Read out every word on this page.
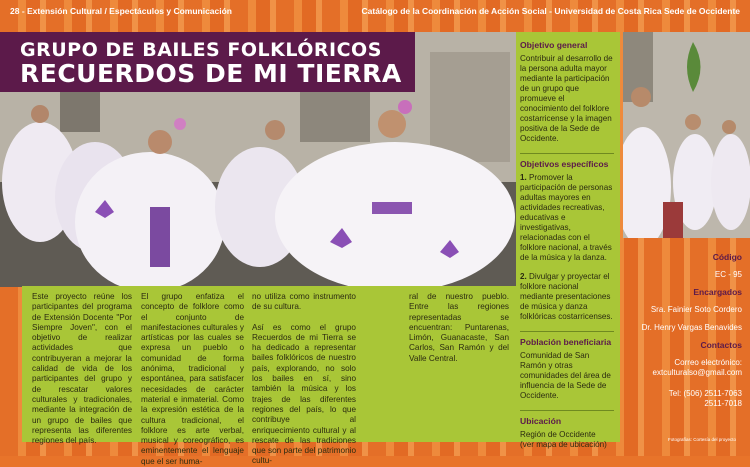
28 - Extensión Cultural / Espectáculos y Comunicación	Catálogo de la Coordinación de Acción Social - Universidad de Costa Rica Sede de Occidente
GRUPO DE BAILES FOLKLÓRICOS
RECUERDOS DE MI TIERRA
Este proyecto reúne los participantes del programa de Extensión Docente "Por Siempre Joven", con el objetivo de realizar actividades que contribuyeran a mejorar la calidad de vida de los participantes del grupo y de rescatar valores culturales y tradicionales, mediante la integración de un grupo de bailes que representa las diferentes regiones del país.
El grupo enfatiza el concepto de folklore como el conjunto de manifestaciones culturales y artísticas por las cuales se expresa un pueblo o comunidad de forma anónima, tradicional y espontánea, para satisfacer necesidades de carácter material e inmaterial. Como la expresión estética de la cultura tradicional, el folklore es arte verbal, musical y coreográfico, es eminentemente el lenguaje que el ser huma-
no utiliza como instrumento de su cultura.
Así es como el grupo Recuerdos de mi Tierra se ha dedicado a representar bailes folklóricos de nuestro país, explorando, no solo los bailes en sí, sino también la música y los trajes de las diferentes regiones del país, lo que contribuye al enriquecimiento cultural y al rescate de las tradiciones que son parte del patrimonio cultu-
ral de nuestro pueblo. Entre las regiones representadas se encuentran: Puntarenas, Limón, Guanacaste, San Carlos, San Ramón y del Valle Central.
Objetivo general
Contribuir al desarrollo de la persona adulta mayor mediante la participación de un grupo que promueve el conocimiento del folklore costarricense y la imagen positiva de la Sede de Occidente.
Objetivos específicos
1. Promover la participación de personas adultas mayores en actividades recreativas, educativas e investigativas, relacionadas con el folklore nacional, a través de la música y la danza.
2. Divulgar y proyectar el folklore nacional mediante presentaciones de música y danza folklóricas costarricenses.
Población beneficiaria
Comunidad de San Ramón y otras comunidades del área de influencia de la Sede de Occidente.
Ubicación
Región de Occidente
(ver mapa de ubicación)
Código
EC - 95
Encargados
Sra. Fainier Soto Cordero
Dr. Henry Vargas Benavides
Contactos
Correo electrónico:
extculturalso@gmail.com
Tel: (506) 2511-7063
2511-7018
Fotografías: Cortesía del proyecto
